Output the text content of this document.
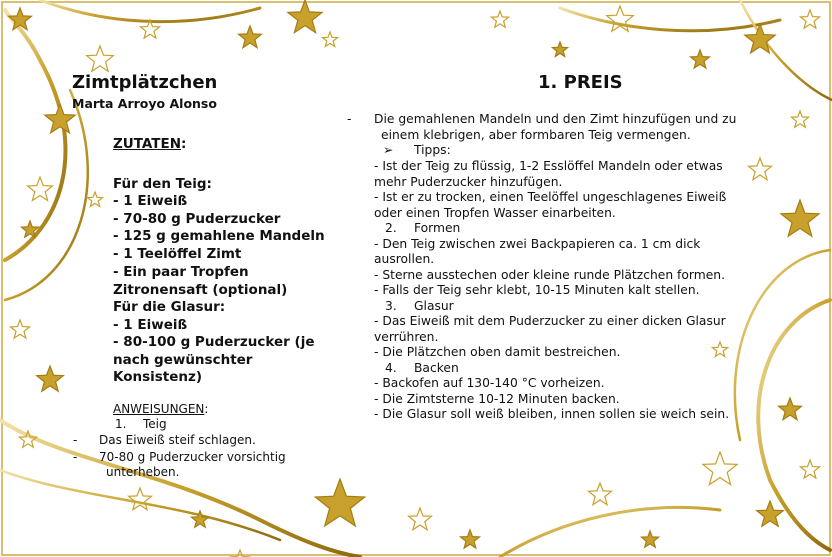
Zimtplätzchen
Marta Arroyo Alonso
1. PREIS
ZUTATEN:
Für den Teig:
- 1 Eiweiß
- 70-80 g Puderzucker
- 125 g gemahlene Mandeln
- 1 Teelöffel Zimt
- Ein paar Tropfen
Zitronensaft (optional)
Für die Glasur:
- 1 Eiweiß
- 80-100 g Puderzucker (je
nach gewünschter
Konsistenz)
ANWEISUNGEN:
1. Teig
- Das Eiweiß steif schlagen.
- 70-80 g Puderzucker vorsichtig
unterheben.
- Die gemahlenen Mandeln und den Zimt hinzufügen und zu
einem klebrigen, aber formbaren Teig vermengen.
➢ Tipps:
- Ist der Teig zu flüssig, 1-2 Esslöffel Mandeln oder etwas
mehr Puderzucker hinzufügen.
- Ist er zu trocken, einen Teelöffel ungeschlagenes Eiweiß
oder einen Tropfen Wasser einarbeiten.
2. Formen
- Den Teig zwischen zwei Backpapieren ca. 1 cm dick
ausrollen.
- Sterne ausstechen oder kleine runde Plätzchen formen.
- Falls der Teig sehr klebt, 10-15 Minuten kalt stellen.
3. Glasur
- Das Eiweiß mit dem Puderzucker zu einer dicken Glasur
verrühren.
- Die Plätzchen oben damit bestreichen.
4. Backen
- Backofen auf 130-140 °C vorheizen.
- Die Zimtsterne 10-12 Minuten backen.
- Die Glasur soll weiß bleiben, innen sollen sie weich sein.
